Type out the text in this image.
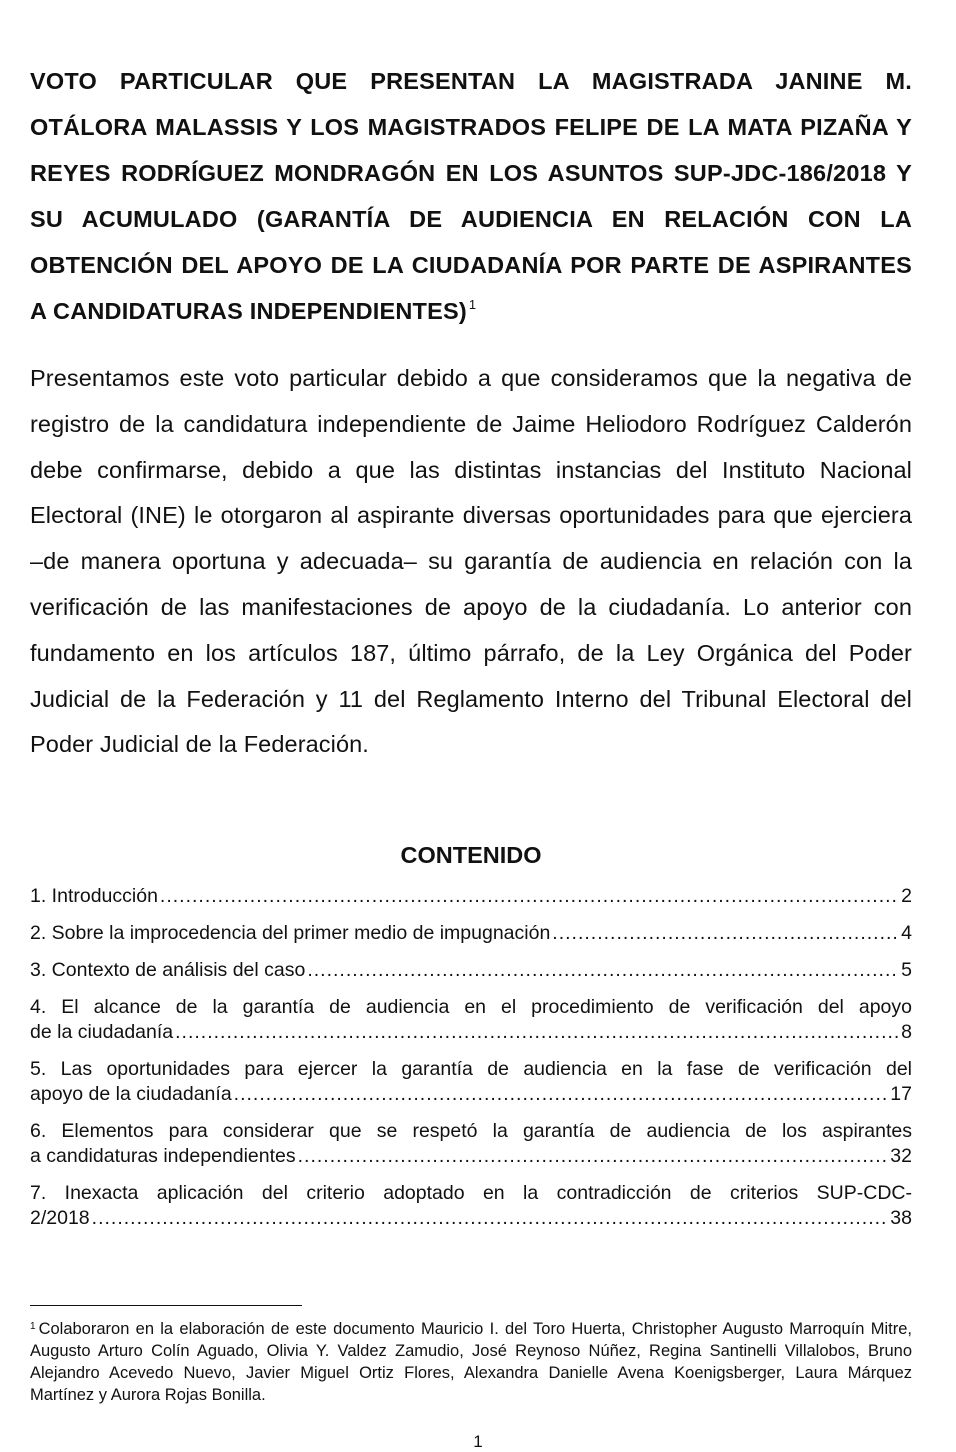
VOTO PARTICULAR QUE PRESENTAN LA MAGISTRADA JANINE M. OTÁLORA MALASSIS Y LOS MAGISTRADOS FELIPE DE LA MATA PIZAÑA Y REYES RODRÍGUEZ MONDRAGÓN EN LOS ASUNTOS SUP-JDC-186/2018 Y SU ACUMULADO (GARANTÍA DE AUDIENCIA EN RELACIÓN CON LA OBTENCIÓN DEL APOYO DE LA CIUDADANÍA POR PARTE DE ASPIRANTES A CANDIDATURAS INDEPENDIENTES) $^1$

Presentamos este voto particular debido a que consideramos que la negativa de registro de la candidatura independiente de Jaime Heliodoro Rodríguez Calderón debe confirmarse, debido a que las distintas instancias del Instituto Nacional Electoral (INE) le otorgaron al aspirante diversas oportunidades para que ejerciera –de manera oportuna y adecuada– su garantía de audiencia en relación con la verificación de las manifestaciones de apoyo de la ciudadanía. Lo anterior con fundamento en los artículos 187, último párrafo, de la Ley Orgánica del Poder Judicial de la Federación y 11 del Reglamento Interno del Tribunal Electoral del Poder Judicial de la Federación.

CONTENIDO
1. Introducción .....	2
2. Sobre la improcedencia del primer medio de impugnación .....	4
3. Contexto de análisis del caso .....	5
4. El alcance de la garantía de audiencia en el procedimiento de verificación del apoyo
de la ciudadanía .....	8
5. Las oportunidades para ejercer la garantía de audiencia en la fase de verificación del
apoyo de la ciudadanía .....	17
6. Elementos para considerar que se respetó la garantía de audiencia de los aspirantes
a candidaturas independientes .....	32
7. Inexacta aplicación del criterio adoptado en la contradicción de criterios SUP-CDC-
2/2018 .....	38
$^1$ Colaboraron en la elaboración de este documento Mauricio I. del Toro Huerta, Christopher Augusto Marroquín Mitre, Augusto Arturo Colín Aguado, Olivia Y. Valdez Zamudio, José Reynoso Núñez, Regina Santinelli Villalobos, Bruno Alejandro Acevedo Nuevo, Javier Miguel Ortiz Flores, Alexandra Danielle Avena Koenigsberger, Laura Márquez Martínez y Aurora Rojas Bonilla.
1
